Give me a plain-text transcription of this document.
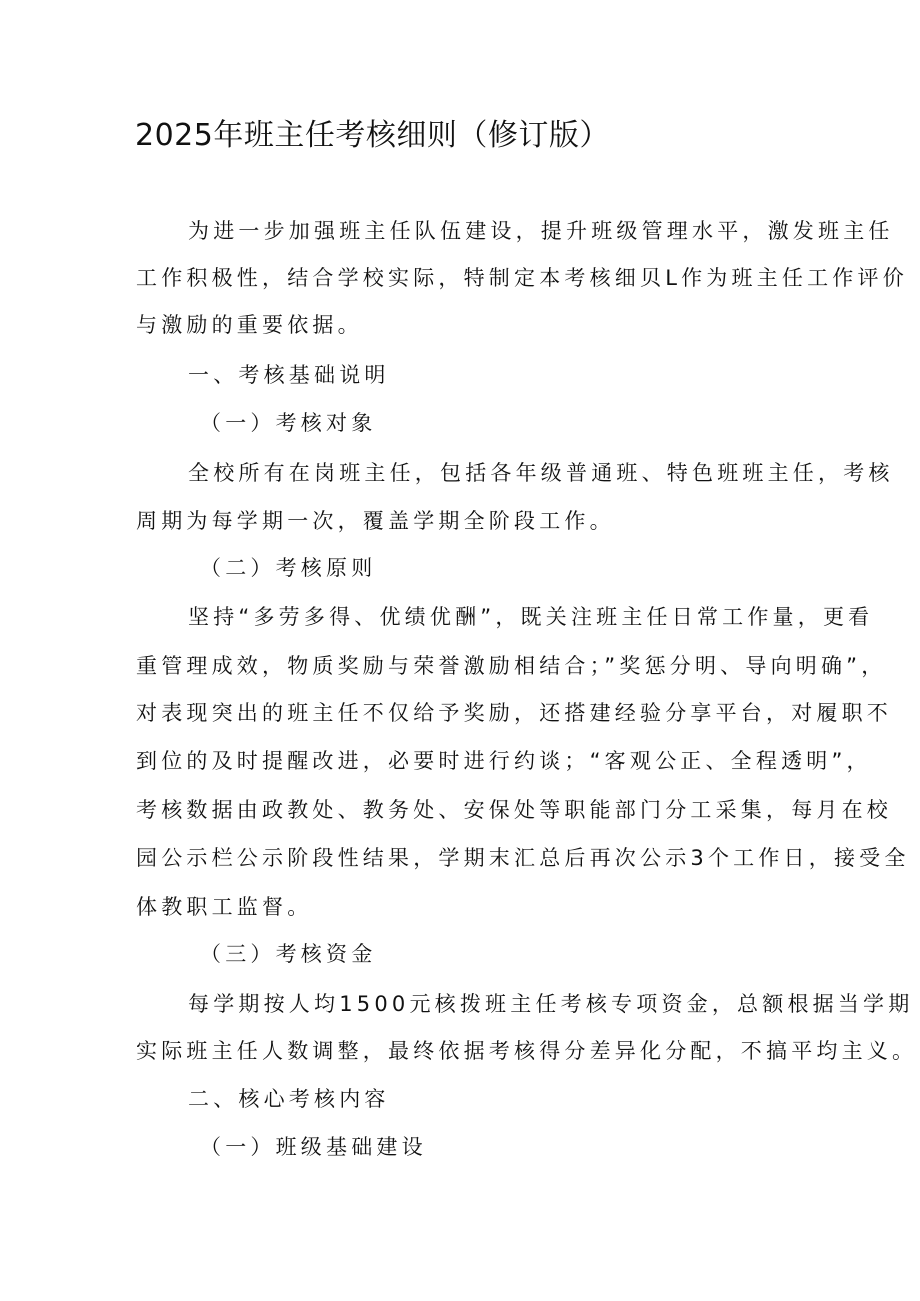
2025年班主任考核细则（修订版）
为进一步加强班主任队伍建设，提升班级管理水平，激发班主任
工作积极性，结合学校实际，特制定本考核细贝L作为班主任工作评价
与激励的重要依据。
一、考核基础说明
（一）考核对象
全校所有在岗班主任，包括各年级普通班、特色班班主任，考核
周期为每学期一次，覆盖学期全阶段工作。
（二）考核原则
坚持“多劳多得、优绩优酬”，既关注班主任日常工作量，更看
重管理成效，物质奖励与荣誉激励相结合；”奖惩分明、导向明确”，
对表现突出的班主任不仅给予奖励，还搭建经验分享平台，对履职不
到位的及时提醒改进，必要时进行约谈；“客观公正、全程透明”，
考核数据由政教处、教务处、安保处等职能部门分工采集，每月在校
园公示栏公示阶段性结果，学期末汇总后再次公示3个工作日，接受全
体教职工监督。
（三）考核资金
每学期按人均1500元核拨班主任考核专项资金，总额根据当学期
实际班主任人数调整，最终依据考核得分差异化分配，不搞平均主义。
二、核心考核内容
（一）班级基础建设
